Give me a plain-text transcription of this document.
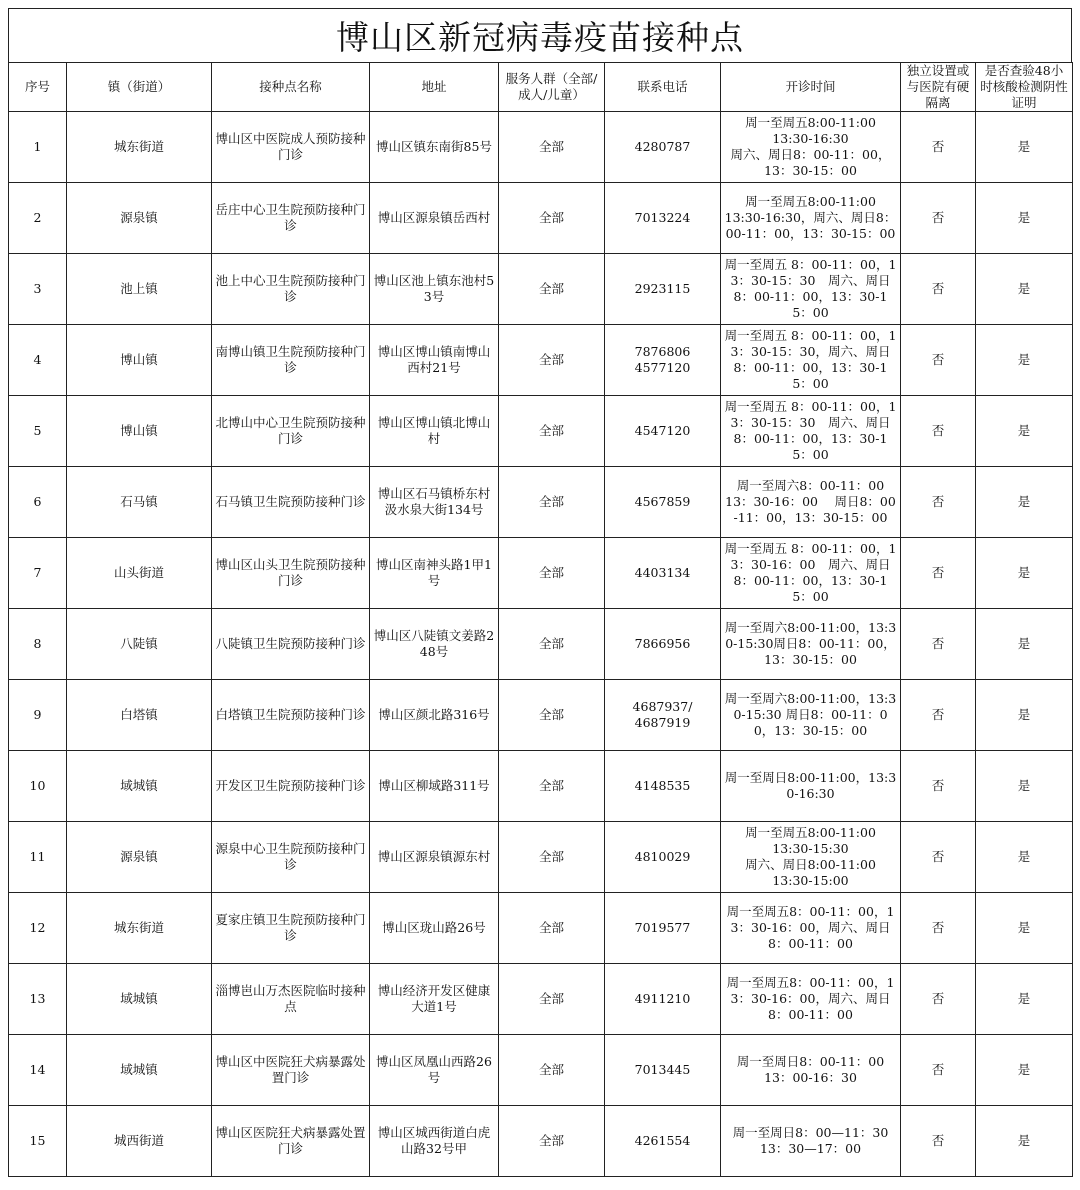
博山区新冠病毒疫苗接种点
序号	镇（街道）	接种点名称	地址	服务人群（全部/成人/儿童）	联系电话	开诊时间	独立设置或与医院有硬隔离	是否查验48小时核酸检测阴性证明
1	城东街道	博山区中医院成人预防接种门诊	博山区镇东南街85号	全部	4280787	周一至周五8:00-11:00
13:30-16:30
周六、周日8：00-11：00，
13：30-15：00	否	是
2	源泉镇	岳庄中心卫生院预防接种门诊	博山区源泉镇岳西村	全部	7013224	周一至周五8:00-11:00
13:30-16:30，周六、周日8：00-11：00，13：30-15：00	否	是
3	池上镇	池上中心卫生院预防接种门诊	博山区池上镇东池村53号	全部	2923115	周一至周五 8：00-11：00，13：30-15：30　周六、周日8：00-11：00，13：30-15：00	否	是
4	博山镇	南博山镇卫生院预防接种门诊	博山区博山镇南博山西村21号	全部	7876806
4577120	周一至周五 8：00-11：00，13：30-15：30，周六、周日8：00-11：00，13：30-15：00	否	是
5	博山镇	北博山中心卫生院预防接种门诊	博山区博山镇北博山村	全部	4547120	周一至周五 8：00-11：00，13：30-15：30　周六、周日8：00-11：00，13：30-15：00	否	是
6	石马镇	石马镇卫生院预防接种门诊	博山区石马镇桥东村汲水泉大街134号	全部	4567859	周一至周六8：00-11：00
13：30-16：00　 周日8：00-11：00，13：30-15：00	否	是
7	山头街道	博山区山头卫生院预防接种门诊	博山区南神头路1甲1号	全部	4403134	周一至周五 8：00-11：00，13：30-16：00　周六、周日8：00-11：00，13：30-15：00	否	是
8	八陡镇	八陡镇卫生院预防接种门诊	博山区八陡镇文姜路248号	全部	7866956	周一至周六8:00-11:00，13:30-15:30周日8：00-11：00，13：30-15：00	否	是
9	白塔镇	白塔镇卫生院预防接种门诊	博山区颜北路316号	全部	4687937/
4687919	周一至周六8:00-11:00，13:30-15:30 周日8：00-11：00，13：30-15：00	否	是
10	域城镇	开发区卫生院预防接种门诊	博山区柳域路311号	全部	4148535	周一至周日8:00-11:00，13:30-16:30	否	是
11	源泉镇	源泉中心卫生院预防接种门诊	博山区源泉镇源东村	全部	4810029	周一至周五8:00-11:00
13:30-15:30
周六、周日8:00-11:00
13:30-15:00	否	是
12	城东街道	夏家庄镇卫生院预防接种门诊	博山区珑山路26号	全部	7019577	周一至周五8：00-11：00，13：30-16：00，周六、周日8：00-11：00	否	是
13	域城镇	淄博岜山万杰医院临时接种点	博山经济开发区健康大道1号	全部	4911210	周一至周五8：00-11：00，13：30-16：00，周六、周日8：00-11：00	否	是
14	域城镇	博山区中医院狂犬病暴露处置门诊	博山区凤凰山西路26号	全部	7013445	周一至周日8：00-11：00
13：00-16：30	否	是
15	城西街道	博山区医院狂犬病暴露处置门诊	博山区城西街道白虎山路32号甲	全部	4261554	周一至周日8：00—11：30
13：30—17：00	否	是
